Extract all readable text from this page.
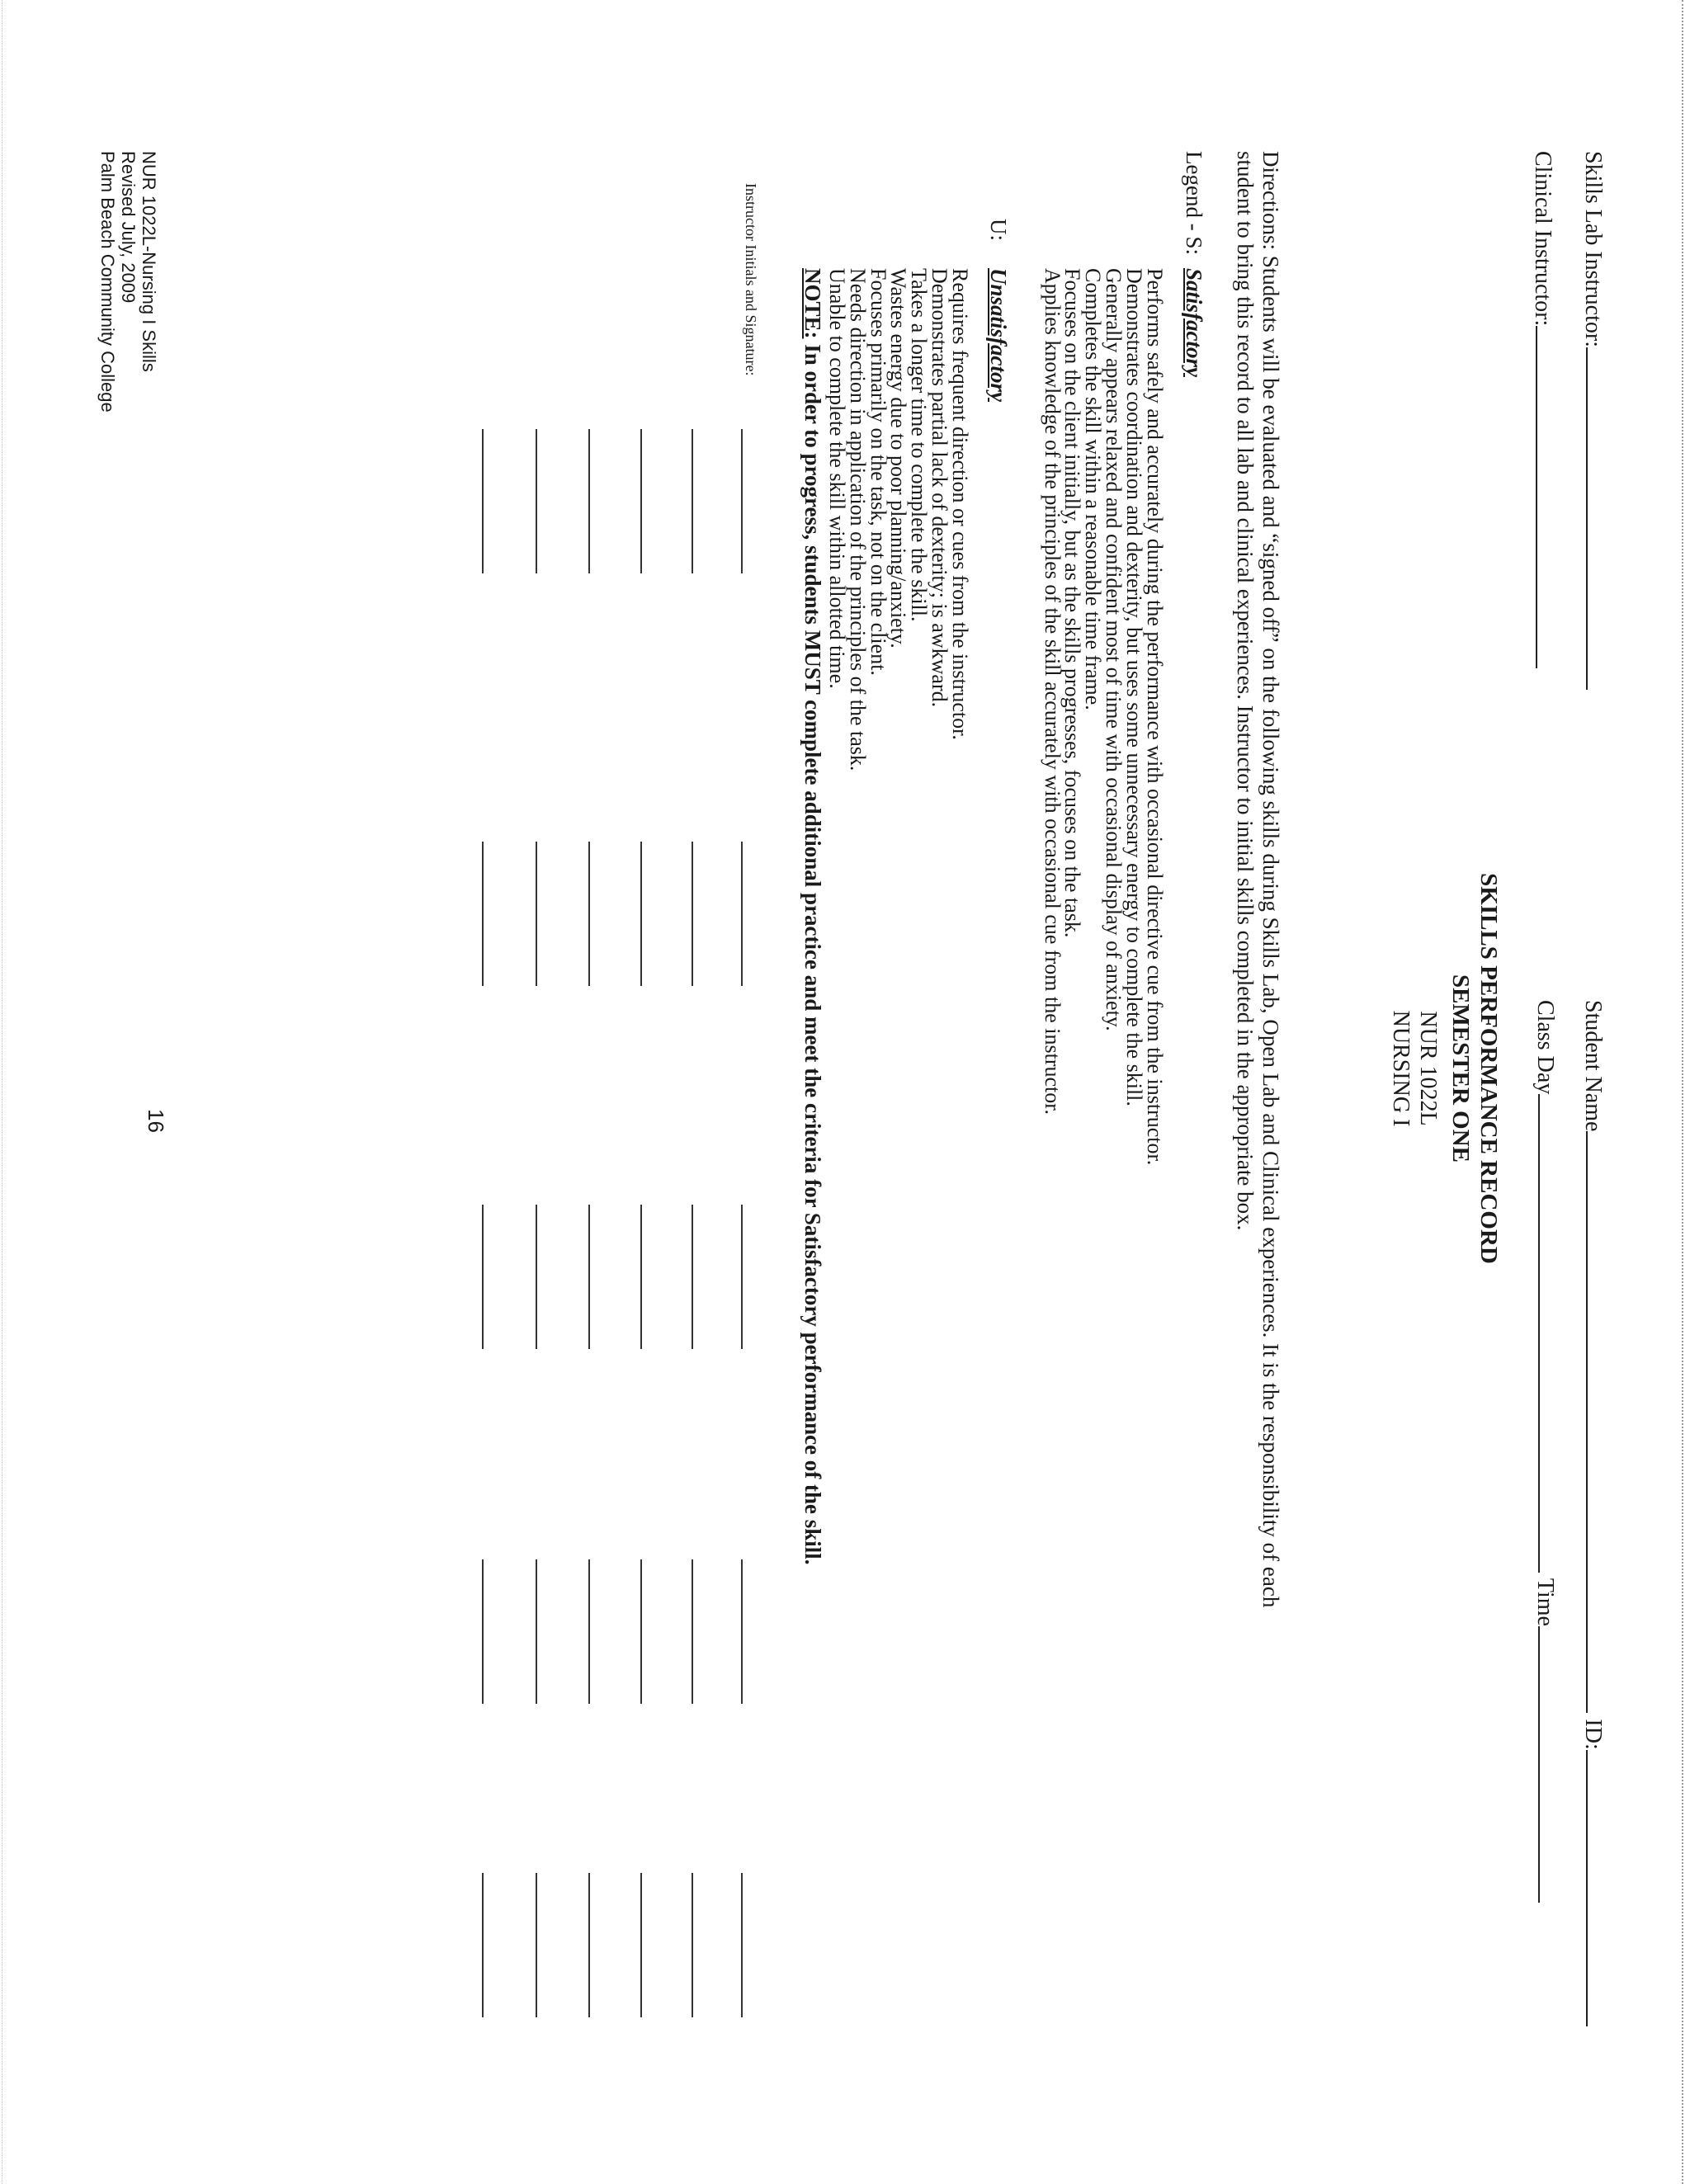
Skills Lab Instructor:
Clinical Instructor:
Student Name ID:
Class Day Time
SKILLS PERFORMANCE RECORD
SEMESTER ONE
NUR 1022L
NURSING I
Directions: Students will be evaluated and “signed off” on the following skills during Skills Lab, Open Lab and Clinical experiences. It is the responsibility of each
student to bring this record to all lab and clinical experiences. Instructor to initial skills completed in the appropriate box.
Legend - S:
Satisfactory
Performs safely and accurately during the performance with occasional directive cue from the instructor.
Demonstrates coordination and dexterity, but uses some unnecessary energy to complete the skill.
Generally appears relaxed and confident most of time with occasional display of anxiety.
Completes the skill within a reasonable time frame.
Focuses on the client initially, but as the skills progresses, focuses on the task.
Applies knowledge of the principles of the skill accurately with occasional cue from the instructor.
U:
Unsatisfactory
Requires frequent direction or cues from the instructor.
Demonstrates partial lack of dexterity; is awkward.
Takes a longer time to complete the skill.
Wastes energy due to poor planning/anxiety.
Focuses primarily on the task, not on the client.
Needs direction in application of the principles of the task.
Unable to complete the skill within allotted time.
NOTE: In order to progress, students MUST complete additional practice and meet the criteria for Satisfactory performance of the skill.
Instructor Initials and Signature:
16
NUR 1022L-Nursing I Skills
Revised July, 2009
Palm Beach Community College
